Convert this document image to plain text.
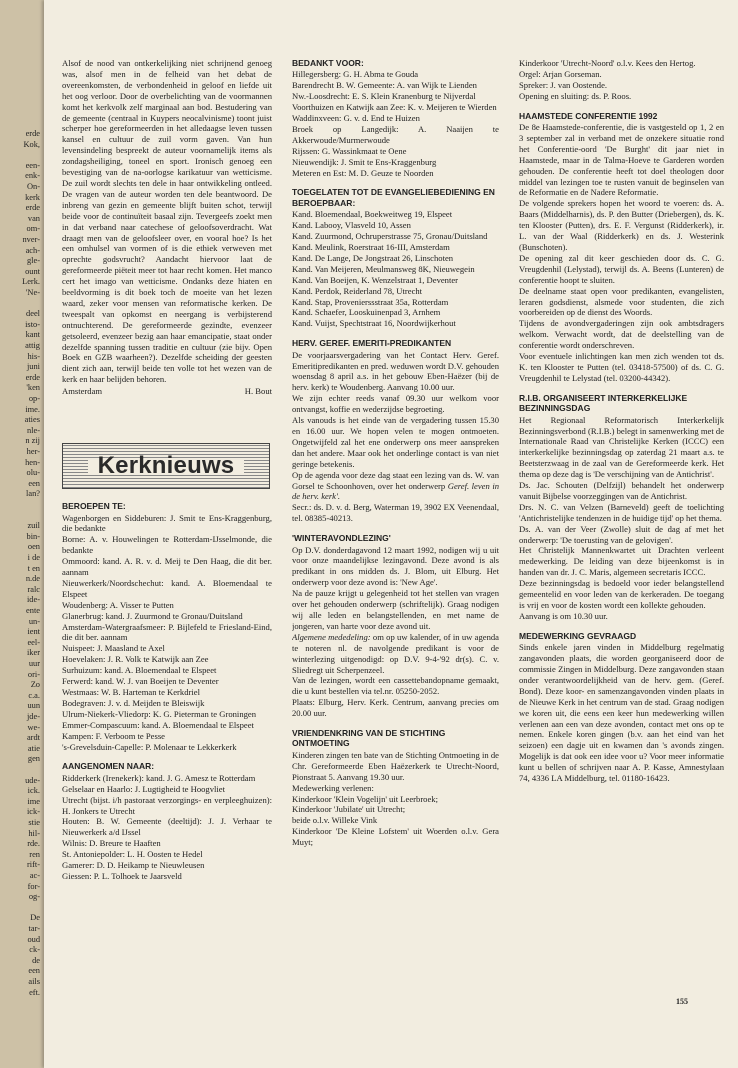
erde
Kok,
een-
enk-
On-
kerk
erde
van
om-
nver-
ach-
gle-
ount
Lerk.
'Ne-
deel
isto-
kant
attig
his-
juni
erde
'ken
op-
ime.
aties
nle-
n zij
her-
hen-
olu-
een
lan?
zuil
bin-
oen
i de
t en
n.de
ralc
ide-
ente
un-
ient
eel-
iker
uur
ori-
Zo
c.a.
uun
jde-
we-
ardt
atie
gen
ude-
ick.
ime
ick-
stie
hil-
rde.
ren
rift-
ac-
for-
og-
De
tar-
oud
ck-
de
een
ails
eft.

Alsof de nood van ontkerkelijking niet schrijnend genoeg was, alsof men in de felheid van het debat de overeenkomsten, de verbondenheid in geloof en liefde uit het oog verloor. Door de overbelichting van de voormannen komt het kerkvolk zelf marginaal aan bod. Bestudering van de gemeente (centraal in Kuypers neocalvinisme) toont juist scherper hoe gereformeerden in het alledaagse leven tussen kansel en cultuur de zuil vorm gaven. Van hun levensindeling bespreekt de auteur voornamelijk items als zondagsheiliging, toneel en sport. Ironisch genoeg een bevestiging van de na-oorlogse karikatuur van wetticisme. De zuil wordt slechts ten dele in haar ontwikkeling ontleed. De vragen van de auteur worden ten dele beantwoord. De inbreng van gezin en gemeente blijft buiten schot, terwijl beide voor de continuïteit basaal zijn. Tevergeefs zoekt men in dat verband naar catechese of geloofsoverdracht. Wat draagt men van de geloofsleer over, en vooral hoe? Is het een omhulsel van vormen of is die ethiek verweven met oprechte godsvrucht? Aandacht hiervoor laat de gereformeerde piëteit meer tot haar recht komen. Het manco cert het imago van wetticisme. Ondanks deze hiaten en beeldvorming is dit boek toch de moeite van het lezen waard, zeker voor mensen van reformatische kerken. De tweespalt van opkomst en neergang is verbijsterend ontnuchterend. De gereformeerde gezindte, evenzeer getsoleerd, evenzeer bezig aan haar emancipatie, staat onder dezelfde spanning tussen traditie en cultuur (zie bijv. Open Boek en GZB waarheen?). Dezelfde scheiding der geesten dient zich aan, terwijl beide ten volle tot het wezen van de kerk en haar belijden behoren.

Amsterdam	H. Bout
Kerknieuws
BEROEPEN TE:

Wagenborgen en Siddeburen: J. Smit te Ens-Kraggenburg, die bedankte
Borne: A. v. Houwelingen te Rotterdam-IJsselmonde, die bedankte
Ommoord: kand. A. R. v. d. Meij te Den Haag, die dit ber. aannam
Nieuwerkerk/Noordschechut: kand. A. Bloemendaal te Elspeet
Woudenberg: A. Visser te Putten
Glanerbrug: kand. J. Zuurmond te Gronau/Duitsland
Amsterdam-Watergraafsmeer: P. Bijlefeld te Friesland-Eind, die dit ber. aannam
Nuispeet: J. Maasland te Axel
Hoevelaken: J. R. Volk te Katwijk aan Zee
Surhuizum: kand. A. Bloemendaal te Elspeet
Ferwerd: kand. W. J. van Boeijen te Deventer
Westmaas: W. B. Harteman te Kerkdriel
Bodegraven: J. v. d. Meijden te Bleiswijk
Ulrum-Niekerk-Vliedorp: K. G. Pieterman te Groningen
Emmer-Compascuum: kand. A. Bloemendaal te Elspeet
Kampen: F. Verboom te Pesse
's-Grevelsduin-Capelle: P. Molenaar te Lekkerkerk

AANGENOMEN NAAR:

Ridderkerk (Irenekerk): kand. J. G. Amesz te Rotterdam
Gelselaar en Haarlo: J. Lugtigheid te Hoogvliet
Utrecht (bijst. i/h pastoraat verzorgings- en verpleeghuizen): H. Jonkers te Utrecht
Houten: B. W. Gemeente (deeltijd): J. J. Verhaar te Nieuwerkerk a/d IJssel
Wilnis: D. Breure te Haaften
St. Antoniepolder: L. H. Oosten te Hedel
Gamerer: D. D. Heikamp te Nieuwleusen
Giessen: P. L. Tolhoek te Jaarsveld

BEDANKT VOOR:

Hillegersberg: G. H. Abma te Gouda
Barendrecht B. W. Gemeente: A. van Wijk te Lienden
Nw.-Loosdrecht: E. S. Klein Kranenburg te Nijverdal
Voorthuizen en Katwijk aan Zee: K. v. Meijeren te Wierden
Waddinxveen: G. v. d. End te Huizen
Broek op Langedijk: A. Naaijen te Akkerwoude/Murmerwoude
Rijssen: G. Wassinkmaat te Oene
Nieuwendijk: J. Smit te Ens-Kraggenburg
Meteren en Est: M. D. Geuze te Noorden

TOEGELATEN TOT DE EVANGELIEBEDIENING EN BEROEPBAAR:

Kand. Bloemendaal, Boekweitweg 19, Elspeet
Kand. Labooy, Vlasveld 10, Assen
Kand. Zuurmond, Ochruperstrasse 75, Gronau/Duitsland
Kand. Meulink, Roerstraat 16-III, Amsterdam
Kand. De Lange, De Jongstraat 26, Linschoten
Kand. Van Meijeren, Meulmansweg 8K, Nieuwegein
Kand. Van Boeijen, K. Wenzelstraat 1, Deventer
Kand. Perdok, Reiderland 78, Utrecht
Kand. Stap, Provenierssstraat 35a, Rotterdam
Kand. Schaefer, Looskuinenpad 3, Arnhem
Kand. Vuijst, Spechtstraat 16, Noordwijkerhout

HERV. GEREF. EMERITI-PREDIKANTEN

De voorjaarsvergadering van het Contact Herv. Geref. Emeritipredikanten en pred. weduwen wordt D.V. gehouden woensdag 8 april a.s. in het gebouw Eben-Haëzer (bij de herv. kerk) te Woudenberg. Aanvang 10.00 uur.
We zijn echter reeds vanaf 09.30 uur welkom voor ontvangst, koffie en wederzijdse begroeting.
Als vanouds is het einde van de vergadering tussen 15.30 en 16.00 uur. We hopen velen te mogen ontmoeten. Ongetwijfeld zal het ene onderwerp ons meer aanspreken dan het andere. Maar ook het onderlinge contact is van niet geringe betekenis.
Op de agenda voor deze dag staat een lezing van ds. W. van Gorsel te Schoonhoven, over het onderwerp Geref. leven in de herv. kerk'.
Secr.: ds. D. v. d. Berg, Waterman 19, 3902 EX Veenendaal, tel. 08385-40213.

'WINTERAVONDLEZING'

Op D.V. donderdagavond 12 maart 1992, nodigen wij u uit voor onze maandelijkse lezingavond. Deze avond is als predikant in ons midden ds. J. Blom, uit Elburg. Het onderwerp voor deze avond is: 'New Age'.
Na de pauze krijgt u gelegenheid tot het stellen van vragen over het gehouden onderwerp (schriftelijk). Graag nodigen wij alle leden en belangstellenden, en met name de jongeren, van harte voor deze avond uit.
Algemene mededeling: om op uw kalender, of in uw agenda te noteren nl. de navolgende predikant is voor de winterlezing uitgenodigd: op D.V. 9-4-'92 dr(s). C. v. Sliedregt uit Scherpenzeel.
Van de lezingen, wordt een cassettebandopname gemaakt, die u kunt bestellen via tel.nr. 05250-2052.
Plaats: Elburg, Herv. Kerk. Centrum, aanvang precies om 20.00 uur.

VRIENDENKRING VAN DE STICHTING ONTMOETING

Kinderen zingen ten bate van de Stichting Ontmoeting in de Chr. Gereformeerde Eben Haëzerkerk te Utrecht-Noord, Pionstraat 5. Aanvang 19.30 uur.
Medewerking verlenen:
Kinderkoor 'Klein Vogelijn' uit Leerbroek;
Kinderkoor 'Jubilate' uit Utrecht;
beide o.l.v. Willeke Vink
Kinderkoor 'De Kleine Lofstem' uit Woerden o.l.v. Gera Muyt;

Kinderkoor 'Utrecht-Noord' o.l.v. Kees den Hertog.
Orgel: Arjan Gorseman.
Spreker: J. van Oostende.
Opening en sluiting: ds. P. Roos.

HAAMSTEDE CONFERENTIE 1992

De 8e Haamstede-conferentie, die is vastgesteld op 1, 2 en 3 september zal in verband met de onzekere situatie rond het Conferentie-oord 'De Burght' dit jaar niet in Haamstede, maar in de Talma-Hoeve te Garderen worden gehouden. De conferentie heeft tot doel theologen door middel van lezingen toe te rusten vanuit de beginselen van de Reformatie en de Nadere Reformatie.
De volgende sprekers hopen het woord te voeren: ds. A. Baars (Middelharnis), ds. P. den Butter (Driebergen), ds. K. ten Klooster (Putten), drs. E. F. Vergunst (Ridderkerk), ir. L. van der Waal (Ridderkerk) en ds. J. Westerink (Bunschoten).
De opening zal dit keer geschieden door ds. C. G. Vreugdenhil (Lelystad), terwijl ds. A. Beens (Lunteren) de conferentie hoopt te sluiten.
De deelname staat open voor predikanten, evangelisten, leraren godsdienst, alsmede voor studenten, die zich voorbereiden op de dienst des Woords.
Tijdens de avondvergaderingen zijn ook ambtsdragers welkom. Verwacht wordt, dat de deelstelling van de conferentie wordt onderschreven.
Voor eventuele inlichtingen kan men zich wenden tot ds. K. ten Klooster te Putten (tel. 03418-57500) of ds. C. G. Vreugdenhil te Lelystad (tel. 03200-44342).

R.I.B. ORGANISEERT INTERKERKELIJKE BEZINNINGSDAG

Het Regionaal Reformatorisch Interkerkelijk Bezinningsverbond (R.I.B.) belegt in samenwerking met de Internationale Raad van Christelijke Kerken (ICCC) een interkerkelijke bezinningsdag op zaterdag 21 maart a.s. te Beetsterzwaag in de zaal van de Gereformeerde kerk. Het thema op deze dag is 'De verschijning van de Antichrist'.
Ds. Jac. Schouten (Delfzijl) behandelt het onderwerp vanuit Bijbelse voorzeggingen van de Antichrist.
Drs. N. C. van Velzen (Barneveld) geeft de toelichting 'Antichristelijke tendenzen in de huidige tijd' op het thema.
Ds. A. van der Veer (Zwolle) sluit de dag af met het onderwerp: 'De toerusting van de gelovigen'.
Het Christelijk Mannenkwartet uit Drachten verleent medewerking. De leiding van deze bijeenkomst is in handen van dr. J. C. Maris, algemeen secretaris ICCC.
Deze bezinningsdag is bedoeld voor ieder belangstellend gemeentelid en voor leden van de kerkeraden. De toegang is vrij en voor de kosten wordt een kollekte gehouden.
Aanvang is om 10.30 uur.

MEDEWERKING GEVRAAGD

Sinds enkele jaren vinden in Middelburg regelmatig zangavonden plaats, die worden georganiseerd door de commissie Zingen in Middelburg. Deze zangavonden staan onder verantwoordelijkheid van de herv. gem. (Geref. Bond). Deze koor- en samenzangavonden vinden plaats in de Nieuwe Kerk in het centrum van de stad. Graag nodigen we koren uit, die eens een keer hun medewerking willen verlenen aan een van deze avonden, contact met ons op te nemen. Enkele koren gingen (b.v. aan het eind van het seizoen) een dagje uit en kwamen dan 's avonds zingen. Mogelijk is dat ook een idee voor u? Voor meer informatie kunt u bellen of schrijven naar A. P. Kasse, Amnestylaan 74, 4336 LA Middelburg, tel. 01180-16423.

155
